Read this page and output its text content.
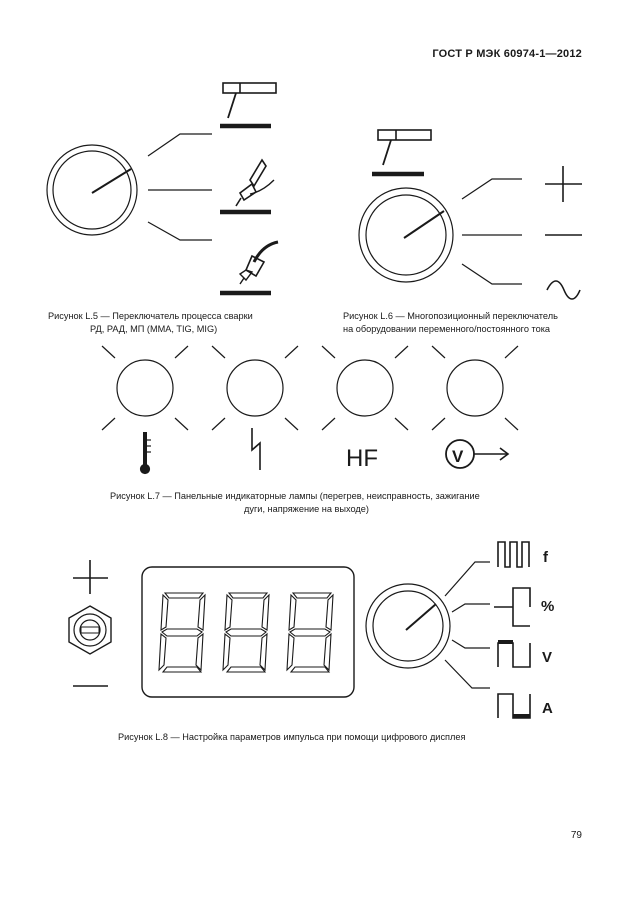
ГОСТ Р МЭК 60974-1—2012
HF	V
f
%
V
A
Рисунок L.5 — Переключатель процесса сварки
РД, РАД, МП (MMA, TIG, MIG)
Рисунок L.6 — Многопозиционный переключатель
на оборудовании переменного/постоянного тока
Рисунок L.7 — Панельные индикаторные лампы (перегрев, неисправность, зажигание
дуги, напряжение на выходе)
Рисунок L.8 — Настройка параметров импульса при помощи цифрового дисплея
79
